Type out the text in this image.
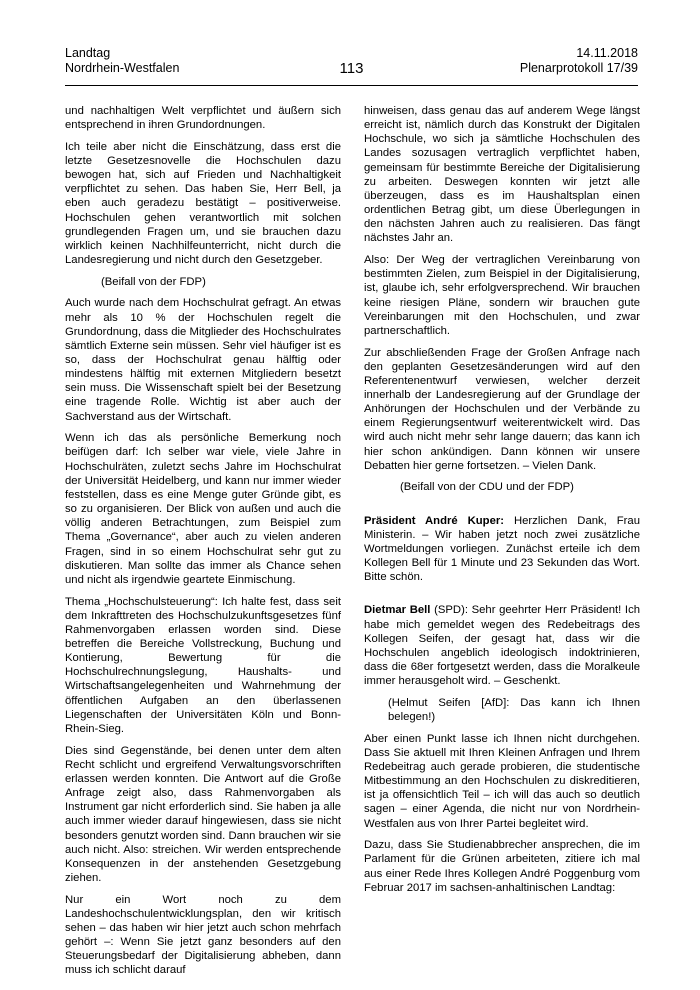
Landtag
Nordrhein-Westfalen	113
14.11.2018
Plenarprotokoll 17/39

und nachhaltigen Welt verpflichtet und äußern sich entsprechend in ihren Grundordnungen.

Ich teile aber nicht die Einschätzung, dass erst die letzte Gesetzesnovelle die Hochschulen dazu bewogen hat, sich auf Frieden und Nachhaltigkeit verpflichtet zu sehen. Das haben Sie, Herr Bell, ja eben auch geradezu bestätigt – positiverweise. Hochschulen gehen verantwortlich mit solchen grundlegenden Fragen um, und sie brauchen dazu wirklich keinen Nachhilfeunterricht, nicht durch die Landesregierung und nicht durch den Gesetzgeber.

(Beifall von der FDP)

Auch wurde nach dem Hochschulrat gefragt. An etwas mehr als 10 % der Hochschulen regelt die Grundordnung, dass die Mitglieder des Hochschulrates sämtlich Externe sein müssen. Sehr viel häufiger ist es so, dass der Hochschulrat genau hälftig oder mindestens hälftig mit externen Mitgliedern besetzt sein muss. Die Wissenschaft spielt bei der Besetzung eine tragende Rolle. Wichtig ist aber auch der Sachverstand aus der Wirtschaft.

Wenn ich das als persönliche Bemerkung noch beifügen darf: Ich selber war viele, viele Jahre in Hochschulräten, zuletzt sechs Jahre im Hochschulrat der Universität Heidelberg, und kann nur immer wieder feststellen, dass es eine Menge guter Gründe gibt, es so zu organisieren. Der Blick von außen und auch die völlig anderen Betrachtungen, zum Beispiel zum Thema „Governance“, aber auch zu vielen anderen Fragen, sind in so einem Hochschulrat sehr gut zu diskutieren. Man sollte das immer als Chance sehen und nicht als irgendwie geartete Einmischung.

Thema „Hochschulsteuerung“: Ich halte fest, dass seit dem Inkrafttreten des Hochschulzukunftsgesetzes fünf Rahmenvorgaben erlassen worden sind. Diese betreffen die Bereiche Vollstreckung, Buchung und Kontierung, Bewertung für die Hochschulrechnungslegung, Haushalts- und Wirtschaftsangelegenheiten und Wahrnehmung der öffentlichen Aufgaben an den überlassenen Liegenschaften der Universitäten Köln und Bonn-Rhein-Sieg.

Dies sind Gegenstände, bei denen unter dem alten Recht schlicht und ergreifend Verwaltungsvorschriften erlassen werden konnten. Die Antwort auf die Große Anfrage zeigt also, dass Rahmenvorgaben als Instrument gar nicht erforderlich sind. Sie haben ja alle auch immer wieder darauf hingewiesen, dass sie nicht besonders genutzt worden sind. Dann brauchen wir sie auch nicht. Also: streichen. Wir werden entsprechende Konsequenzen in der anstehenden Gesetzgebung ziehen.

Nur ein Wort noch zu dem Landeshochschulentwicklungsplan, den wir kritisch sehen – das haben wir hier jetzt auch schon mehrfach gehört –: Wenn Sie jetzt ganz besonders auf den Steuerungsbedarf der Digitalisierung abheben, dann muss ich schlicht darauf

hinweisen, dass genau das auf anderem Wege längst erreicht ist, nämlich durch das Konstrukt der Digitalen Hochschule, wo sich ja sämtliche Hochschulen des Landes sozusagen vertraglich verpflichtet haben, gemeinsam für bestimmte Bereiche der Digitalisierung zu arbeiten. Deswegen konnten wir jetzt alle überzeugen, dass es im Haushaltsplan einen ordentlichen Betrag gibt, um diese Überlegungen in den nächsten Jahren auch zu realisieren. Das fängt nächstes Jahr an.

Also: Der Weg der vertraglichen Vereinbarung von bestimmten Zielen, zum Beispiel in der Digitalisierung, ist, glaube ich, sehr erfolgversprechend. Wir brauchen keine riesigen Pläne, sondern wir brauchen gute Vereinbarungen mit den Hochschulen, und zwar partnerschaftlich.

Zur abschließenden Frage der Großen Anfrage nach den geplanten Gesetzesänderungen wird auf den Referentenentwurf verwiesen, welcher derzeit innerhalb der Landesregierung auf der Grundlage der Anhörungen der Hochschulen und der Verbände zu einem Regierungsentwurf weiterentwickelt wird. Das wird auch nicht mehr sehr lange dauern; das kann ich hier schon ankündigen. Dann können wir unsere Debatten hier gerne fortsetzen. – Vielen Dank.

(Beifall von der CDU und der FDP)

Präsident André Kuper: Herzlichen Dank, Frau Ministerin. – Wir haben jetzt noch zwei zusätzliche Wortmeldungen vorliegen. Zunächst erteile ich dem Kollegen Bell für 1 Minute und 23 Sekunden das Wort. Bitte schön.

Dietmar Bell (SPD): Sehr geehrter Herr Präsident! Ich habe mich gemeldet wegen des Redebeitrags des Kollegen Seifen, der gesagt hat, dass wir die Hochschulen angeblich ideologisch indoktrinieren, dass die 68er fortgesetzt werden, dass die Moralkeule immer herausgeholt wird. – Geschenkt.

(Helmut Seifen [AfD]: Das kann ich Ihnen belegen!)

Aber einen Punkt lasse ich Ihnen nicht durchgehen. Dass Sie aktuell mit Ihren Kleinen Anfragen und Ihrem Redebeitrag auch gerade probieren, die studentische Mitbestimmung an den Hochschulen zu diskreditieren, ist ja offensichtlich Teil – ich will das auch so deutlich sagen – einer Agenda, die nicht nur von Nordrhein-Westfalen aus von Ihrer Partei begleitet wird.

Dazu, dass Sie Studienabbrecher ansprechen, die im Parlament für die Grünen arbeiteten, zitiere ich mal aus einer Rede Ihres Kollegen André Poggenburg vom Februar 2017 im sachsen-anhaltinischen Landtag:
